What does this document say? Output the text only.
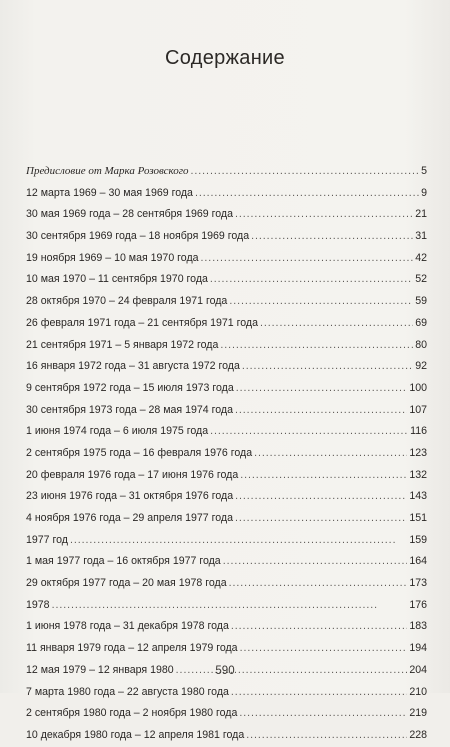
Содержание
Предисловие от Марка Розовского . . .	5
12 марта 1969 – 30 мая 1969 года . . .	9
30 мая 1969 года – 28 сентября 1969 года . . .	21
30 сентября 1969 года – 18 ноября 1969 года . . .	31
19 ноября 1969 – 10 мая 1970 года . . .	42
10 мая 1970 – 11 сентября 1970 года . . .	52
28 октября 1970 – 24 февраля 1971 года . . .	59
26 февраля 1971 года – 21 сентября 1971 года . . .	69
21 сентября 1971 – 5 января 1972 года . . .	80
16 января 1972 года – 31 августа 1972 года . . .	92
9 сентября 1972 года – 15 июля 1973 года . . .	100
30 сентября 1973 года – 28 мая 1974 года . . .	107
1 июня 1974 года – 6 июля 1975 года . . .	116
2 сентября 1975 года – 16 февраля 1976 года . . .	123
20 февраля 1976 года – 17 июня 1976 года . . .	132
23 июня 1976 года – 31 октября 1976 года . . .	143
4 ноября 1976 года – 29 апреля 1977 года . . .	151
1977 год . . .	159
1 мая 1977 года – 16 октября 1977 года . . .	164
29 октября 1977 года – 20 мая 1978 года . . .	173
1978 . . .	176
1 июня 1978 года – 31 декабря 1978 года . . .	183
11 января 1979 года – 12 апреля 1979 года . . .	194
12 мая 1979 – 12 января 1980 . . .	204
7 марта 1980 года – 22 августа 1980 года . . .	210
2 сентября 1980 года – 2 ноября 1980 года . . .	219
10 декабря 1980 года – 12 апреля 1981 года . . .	228
590
